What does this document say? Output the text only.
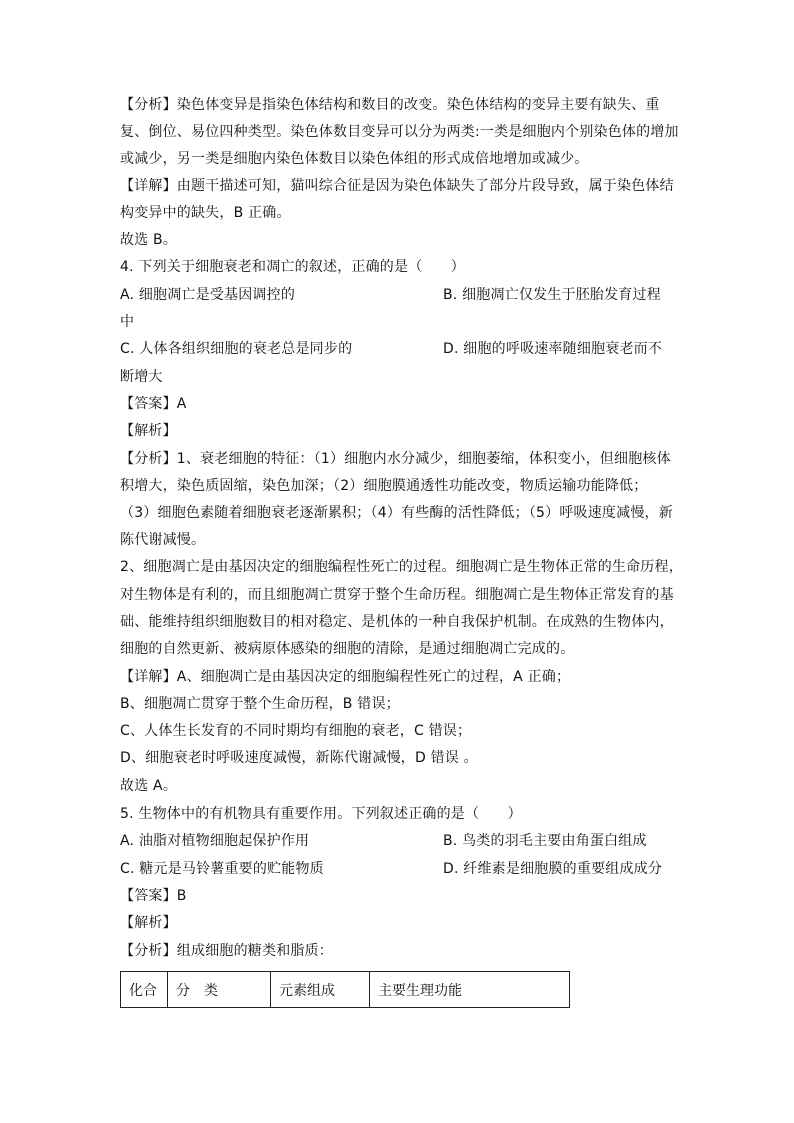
【分析】染色体变异是指染色体结构和数目的改变。染色体结构的变异主要有缺失、重
复、倒位、易位四种类型。染色体数目变异可以分为两类:一类是细胞内个别染色体的增加
或减少，另一类是细胞内染色体数目以染色体组的形式成倍地增加或减少。
【详解】由题干描述可知，猫叫综合征是因为染色体缺失了部分片段导致，属于染色体结
构变异中的缺失，B 正确。
故选 B。
4. 下列关于细胞衰老和凋亡的叙述，正确的是（　　）
A. 细胞凋亡是受基因调控的	B. 细胞凋亡仅发生于胚胎发育过程
中
C. 人体各组织细胞的衰老总是同步的	D. 细胞的呼吸速率随细胞衰老而不
断增大
【答案】A
【解析】
【分析】1、衰老细胞的特征：（1）细胞内水分减少，细胞萎缩，体积变小，但细胞核体
积增大，染色质固缩，染色加深；（2）细胞膜通透性功能改变，物质运输功能降低；
（3）细胞色素随着细胞衰老逐渐累积；（4）有些酶的活性降低；（5）呼吸速度减慢，新
陈代谢减慢。
2、细胞凋亡是由基因决定的细胞编程性死亡的过程。细胞凋亡是生物体正常的生命历程，
对生物体是有利的，而且细胞凋亡贯穿于整个生命历程。细胞凋亡是生物体正常发育的基
础、能维持组织细胞数目的相对稳定、是机体的一种自我保护机制。在成熟的生物体内，
细胞的自然更新、被病原体感染的细胞的清除，是通过细胞凋亡完成的。
【详解】A、细胞凋亡是由基因决定的细胞编程性死亡的过程，A 正确；
B、细胞凋亡贯穿于整个生命历程，B 错误；
C、人体生长发育的不同时期均有细胞的衰老，C 错误；
D、细胞衰老时呼吸速度减慢，新陈代谢减慢，D 错误 。
故选 A。
5. 生物体中的有机物具有重要作用。下列叙述正确的是（　　）
A. 油脂对植物细胞起保护作用	B. 鸟类的羽毛主要由角蛋白组成
C. 糖元是马铃薯重要的贮能物质	D. 纤维素是细胞膜的重要组成成分
【答案】B
【解析】
【分析】组成细胞的糖类和脂质：
化合	分　类	元素组成	主要生理功能
